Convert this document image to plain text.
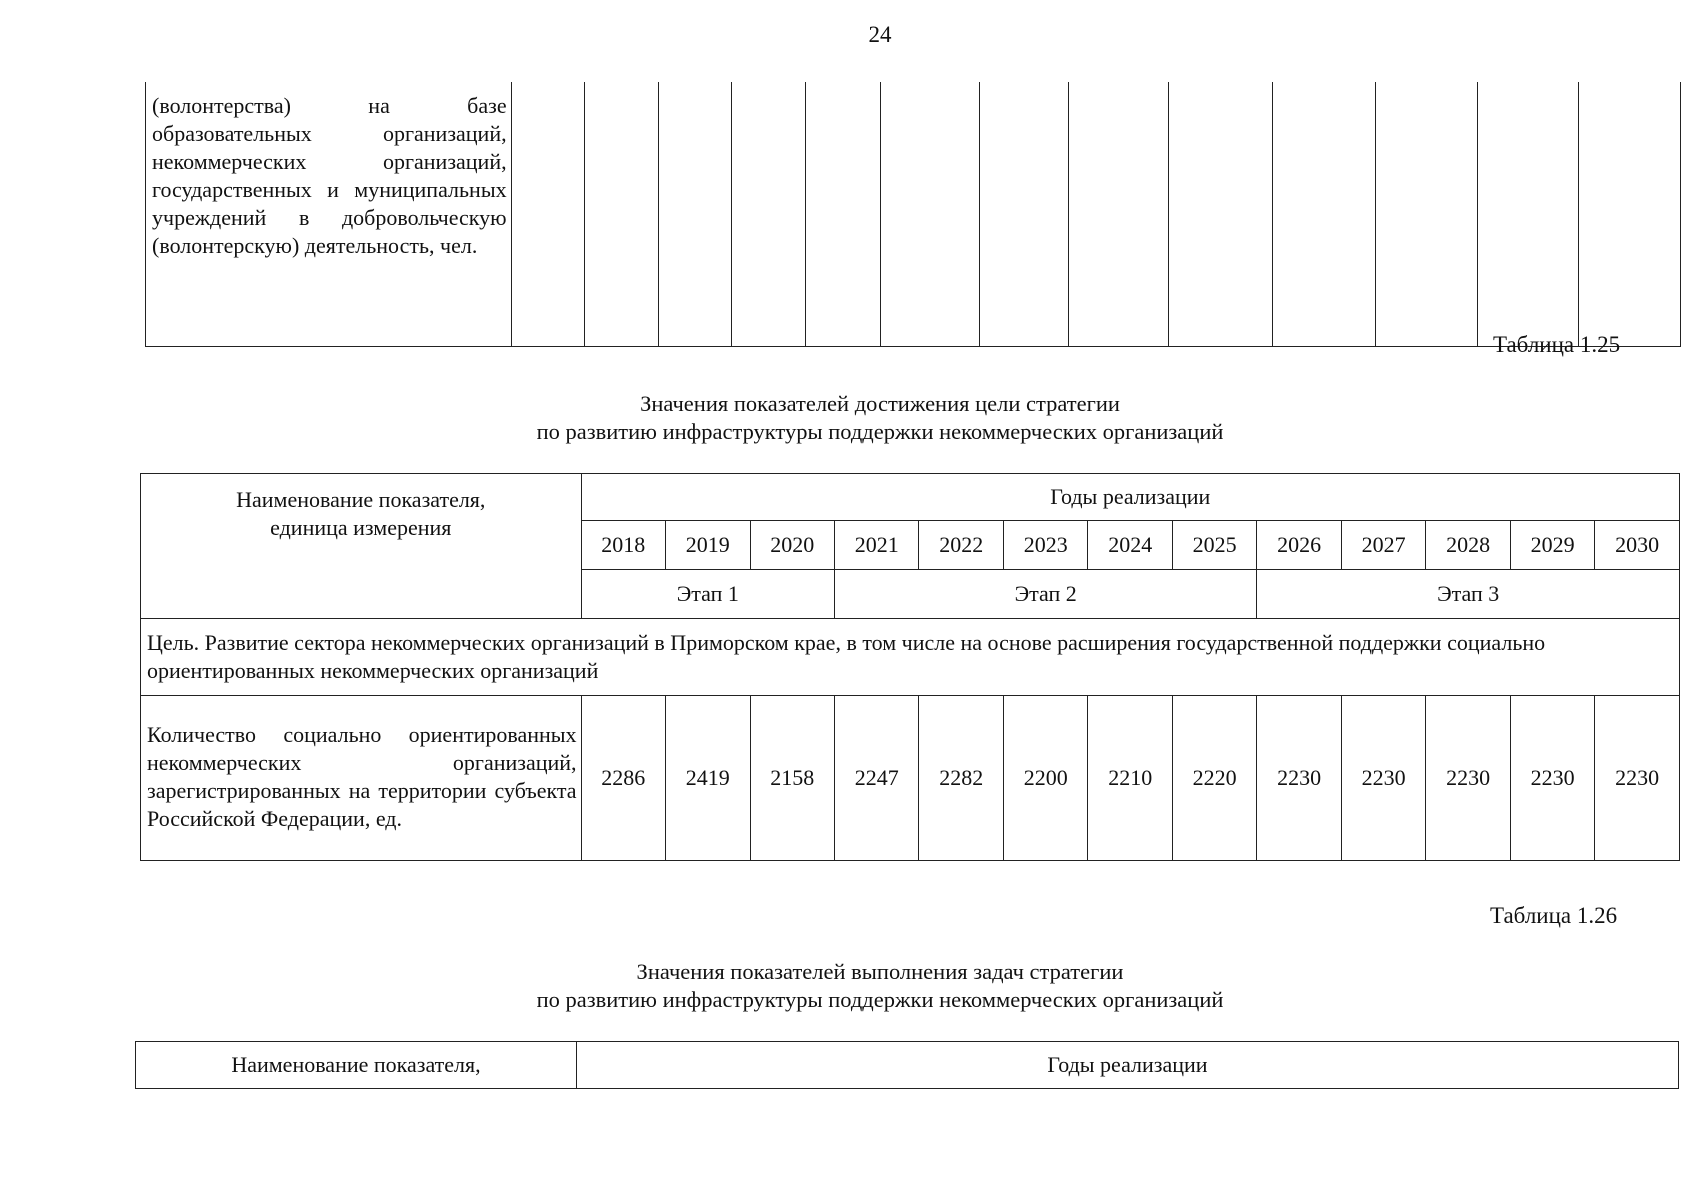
24
(волонтерства) на базе образовательных организаций, некоммерческих организаций, государственных и муниципальных учреждений в добровольческую (волонтерскую) деятельность, чел.													
Таблица 1.25
Значения показателей достижения цели стратегии
по развитию инфраструктуры поддержки некоммерческих организаций
Наименование показателя,
единица измерения	Годы реализации												
	2018	2019	2020	2021	2022	2023	2024	2025	2026	2027	2028	2029	2030
	Этап 1			Этап 2					Этап 3				
Цель. Развитие сектора некоммерческих организаций в Приморском крае, в том числе на основе расширения государственной поддержки социально ориентированных некоммерческих организаций													
Количество социально ориентированных некоммерческих организаций, зарегистрированных на территории субъекта Российской Федерации, ед.	2286	2419	2158	2247	2282	2200	2210	2220	2230	2230	2230	2230	2230
Таблица 1.26
Значения показателей выполнения задач стратегии
по развитию инфраструктуры поддержки некоммерческих организаций
Наименование показателя,	Годы реализации
